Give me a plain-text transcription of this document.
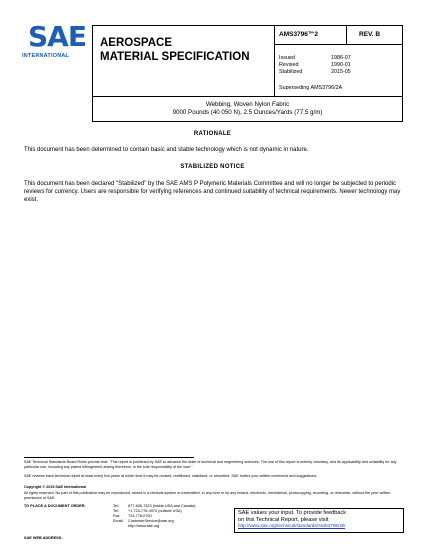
SAE
INTERNATIONAL
AEROSPACE
MATERIAL SPECIFICATION
AMS3796™2	REV. B
Issued	1986-07
Revised	1990-01
Stabilized	2015-05
Superseding AMS3796/2A
Webbing, Woven Nylon Fabric
9000 Pounds (40 050 N), 2.5 Ounces/Yards (77.5 g/m)
RATIONALE
This document has been determined to contain basic and stable technology which is not dynamic in nature.
STABILIZED NOTICE
This document has been declared "Stabilized" by the SAE AMS P Polymeric Materials Committee and will no longer be subjected to periodic reviews for currency. Users are responsible for verifying references and continued suitability of technical requirements. Newer technology may exist.
SAE Technical Standards Board Rules provide that: "This report is published by SAE to advance the state of technical and engineering sciences. The use of this report is entirely voluntary, and its applicability and suitability for any particular use, including any patent infringement arising therefrom, is the sole responsibility of the user."
SAE reviews each technical report at least every five years at which time it may be revised, reaffirmed, stabilized, or cancelled. SAE invites your written comments and suggestions.
Copyright © 2015 SAE International
All rights reserved. No part of this publication may be reproduced, stored in a retrieval system or transmitted, in any form or by any means, electronic, mechanical, photocopying, recording, or otherwise, without the prior written permission of SAE.
TO PLACE A DOCUMENT ORDER:	Tel: 877-606-7323 (inside USA and Canada)
Tel: +1 724-776-4970 (outside USA)
Fax: 724-776-0790
Email: CustomerService@sae.org
http://www.sae.org
SAE values your input. To provide feedback
on this Technical Report, please visit
http://www.sae.org/technical/standards/AMS3796/2B
SAE WEB ADDRESS:
